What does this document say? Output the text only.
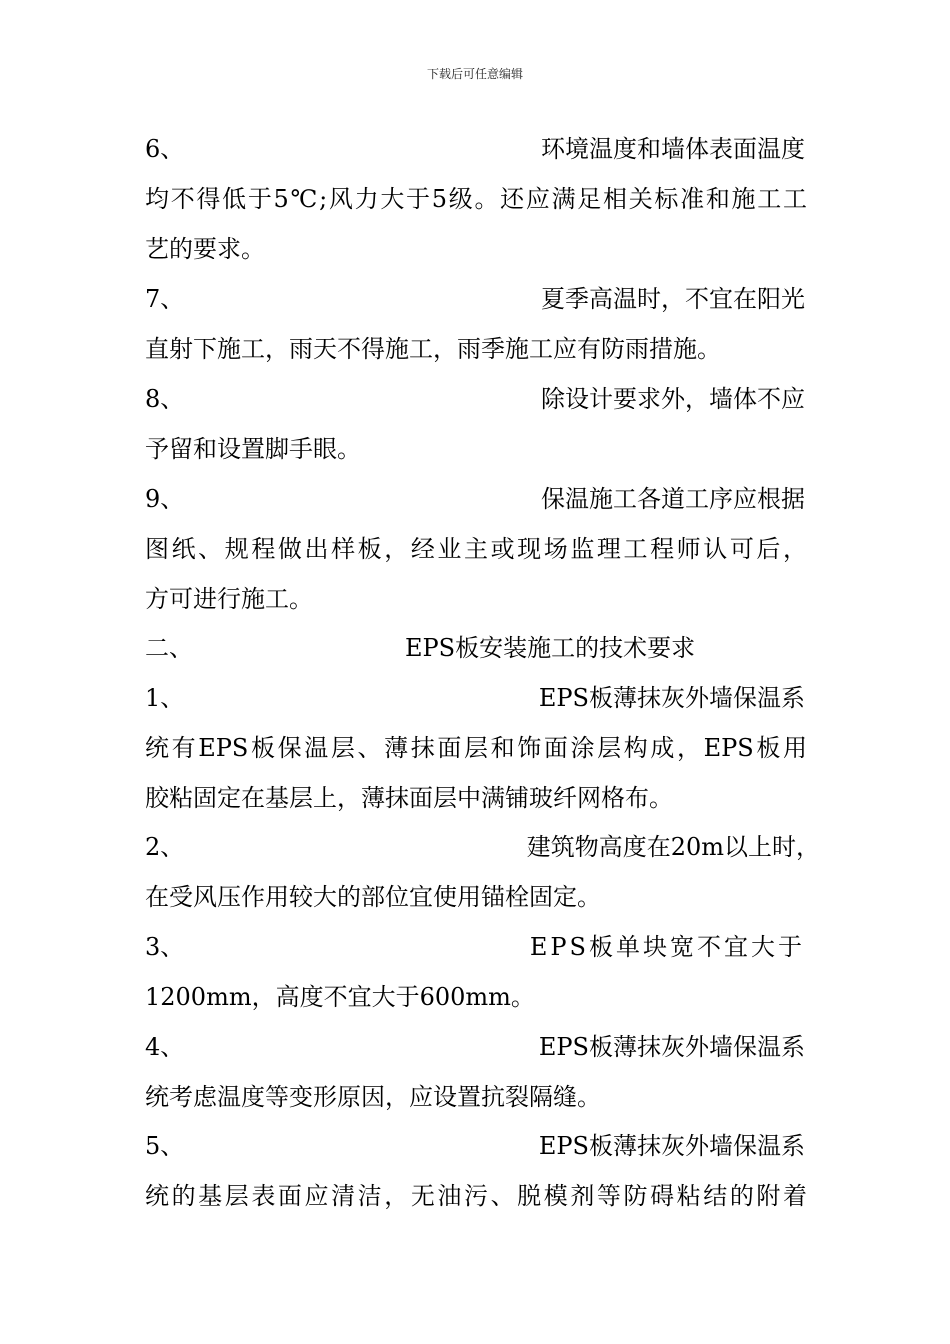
下载后可任意编辑
6、	环境温度和墙体表面温度
均不得低于5℃;风力大于5级。还应满足相关标准和施工工
艺的要求。
7、	夏季高温时，不宜在阳光
直射下施工，雨天不得施工，雨季施工应有防雨措施。
8、	除设计要求外，墙体不应
予留和设置脚手眼。
9、	保温施工各道工序应根据
图纸、规程做出样板，经业主或现场监理工程师认可后，
方可进行施工。
二、	EPS板安装施工的技术要求
1、	EPS板薄抹灰外墙保温系
统有EPS板保温层、薄抹面层和饰面涂层构成，EPS板用
胶粘固定在基层上，薄抹面层中满铺玻纤网格布。
2、	建筑物高度在20m以上时，
在受风压作用较大的部位宜使用锚栓固定。
3、	EPS板单块宽不宜大于
1200mm，高度不宜大于600mm。
4、	EPS板薄抹灰外墙保温系
统考虑温度等变形原因，应设置抗裂隔缝。
5、	EPS板薄抹灰外墙保温系
统的基层表面应清洁，无油污、脱模剂等防碍粘结的附着
